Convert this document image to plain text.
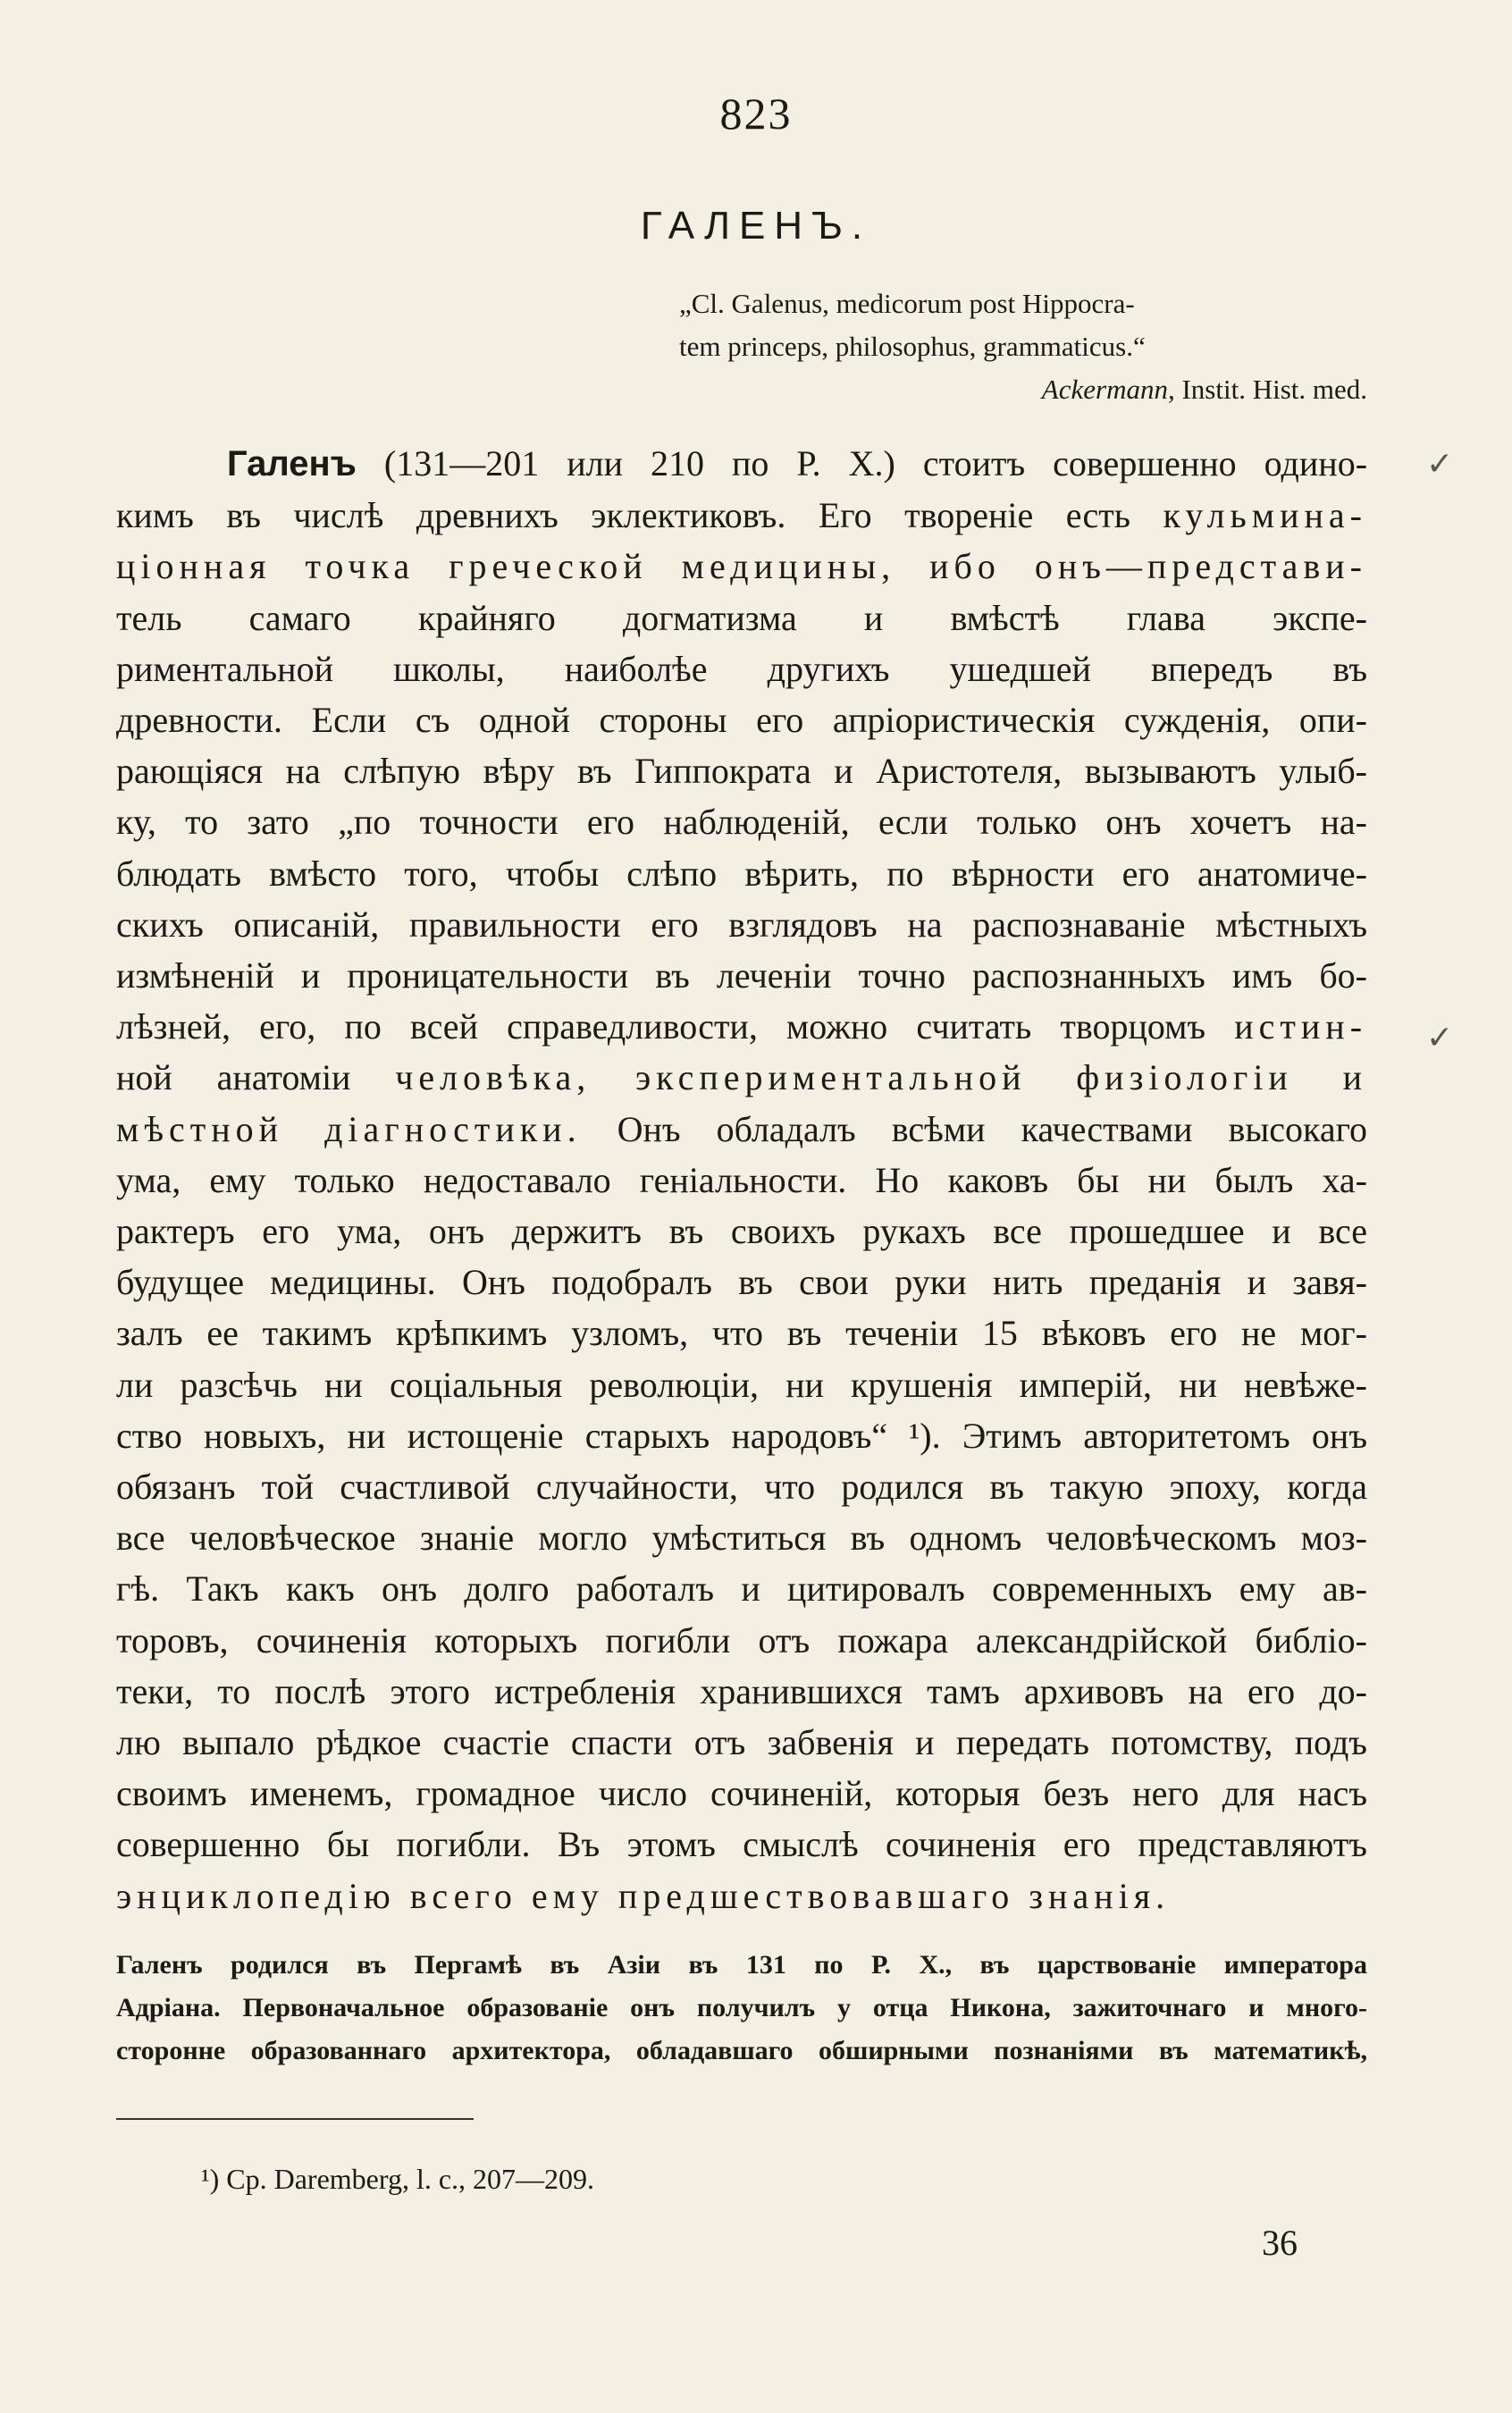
823
ГАЛЕНЪ.
„Cl. Galenus, medicorum post Hippocra-
tem princeps, philosophus, grammaticus.“
Ackermann, Instit. Hist. med.
Галенъ (131—201 или 210 по Р. Х.) стоитъ совершенно одино-
кимъ въ числѣ древнихъ эклектиковъ. Его твореніе есть кульмина-
ціонная точка греческой медицины, ибо онъ—представи-
тель самаго крайняго догматизма и вмѣстѣ глава экспе-
риментальной школы, наиболѣе другихъ ушедшей впередъ въ
древности. Если съ одной стороны его апріористическія сужденія, опи-
рающіяся на слѣпую вѣру въ Гиппократа и Аристотеля, вызываютъ улыб-
ку, то зато „по точности его наблюденій, если только онъ хочетъ на-
блюдать вмѣсто того, чтобы слѣпо вѣрить, по вѣрности его анатомиче-
скихъ описаній, правильности его взглядовъ на распознаваніе мѣстныхъ
измѣненій и проницательности въ леченіи точно распознанныхъ имъ бо-
лѣзней, его, по всей справедливости, можно считать творцомъ истин-
ной анатоміи человѣка, экспериментальной физіологіи и
мѣстной діагностики. Онъ обладалъ всѣми качествами высокаго
ума, ему только недоставало геніальности. Но каковъ бы ни былъ ха-
рактеръ его ума, онъ держитъ въ своихъ рукахъ все прошедшее и все
будущее медицины. Онъ подобралъ въ свои руки нить преданія и завя-
залъ ее такимъ крѣпкимъ узломъ, что въ теченіи 15 вѣковъ его не мог-
ли разсѣчь ни соціальныя революціи, ни крушенія имперій, ни невѣже-
ство новыхъ, ни истощеніе старыхъ народовъ“ ¹). Этимъ авторитетомъ онъ
обязанъ той счастливой случайности, что родился въ такую эпоху, когда
все человѣческое знаніе могло умѣститься въ одномъ человѣческомъ моз-
гѣ. Такъ какъ онъ долго работалъ и цитировалъ современныхъ ему ав-
торовъ, сочиненія которыхъ погибли отъ пожара александрійской библіо-
теки, то послѣ этого истребленія хранившихся тамъ архивовъ на его до-
лю выпало рѣдкое счастіе спасти отъ забвенія и передать потомству, подъ
своимъ именемъ, громадное число сочиненій, которыя безъ него для насъ
совершенно бы погибли. Въ этомъ смыслѣ сочиненія его представляютъ
энциклопедію всего ему предшествовавшаго знанія.
Галенъ родился въ Пергамѣ въ Азіи въ 131 по Р. Х., въ царствованіе императора
Адріана. Первоначальное образованіе онъ получилъ у отца Никона, зажиточнаго и много-
сторонне образованнаго архитектора, обладавшаго обширными познаніями въ математикѣ,
¹) Ср. Daremberg, l. c., 207—209.
36
✓
✓
